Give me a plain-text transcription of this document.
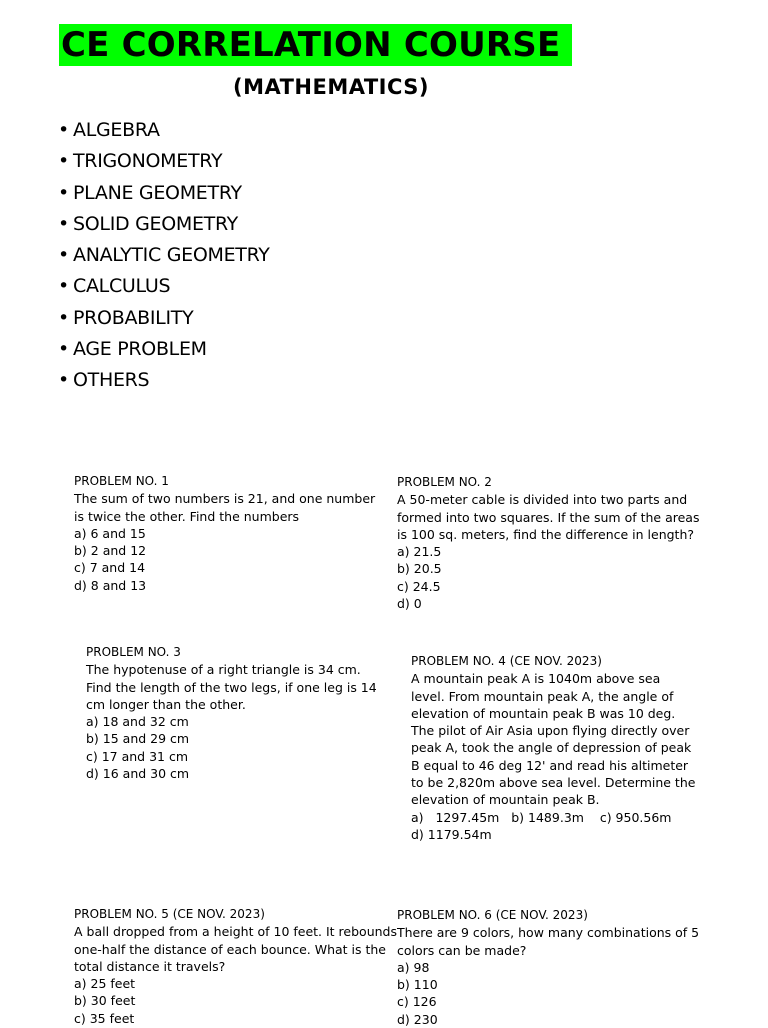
CE CORRELATION COURSE
(MATHEMATICS)
• ALGEBRA
• TRIGONOMETRY
• PLANE GEOMETRY
• SOLID GEOMETRY
• ANALYTIC GEOMETRY
• CALCULUS
• PROBABILITY
• AGE PROBLEM
• OTHERS
PROBLEM NO. 1
The sum of two numbers is 21, and one number
is twice the other. Find the numbers
a) 6 and 15
b) 2 and 12
c) 7 and 14
d) 8 and 13
PROBLEM NO. 2
A 50-meter cable is divided into two parts and
formed into two squares. If the sum of the areas
is 100 sq. meters, find the difference in length?
a) 21.5
b) 20.5
c) 24.5
d) 0
PROBLEM NO. 3
The hypotenuse of a right triangle is 34 cm.
Find the length of the two legs, if one leg is 14
cm longer than the other.
a) 18 and 32 cm
b) 15 and 29 cm
c) 17 and 31 cm
d) 16 and 30 cm
PROBLEM NO. 4 (CE NOV. 2023)
A mountain peak A is 1040m above sea
level. From mountain peak A, the angle of
elevation of mountain peak B was 10 deg.
The pilot of Air Asia upon flying directly over
peak A, took the angle of depression of peak
B equal to 46 deg 12' and read his altimeter
to be 2,820m above sea level. Determine the
elevation of mountain peak B.
a)   1297.45m   b) 1489.3m    c) 950.56m
d) 1179.54m
PROBLEM NO. 5 (CE NOV. 2023)
A ball dropped from a height of 10 feet. It rebounds
one-half the distance of each bounce. What is the
total distance it travels?
a) 25 feet
b) 30 feet
c) 35 feet
PROBLEM NO. 6 (CE NOV. 2023)
There are 9 colors, how many combinations of 5
colors can be made?
a) 98
b) 110
c) 126
d) 230
